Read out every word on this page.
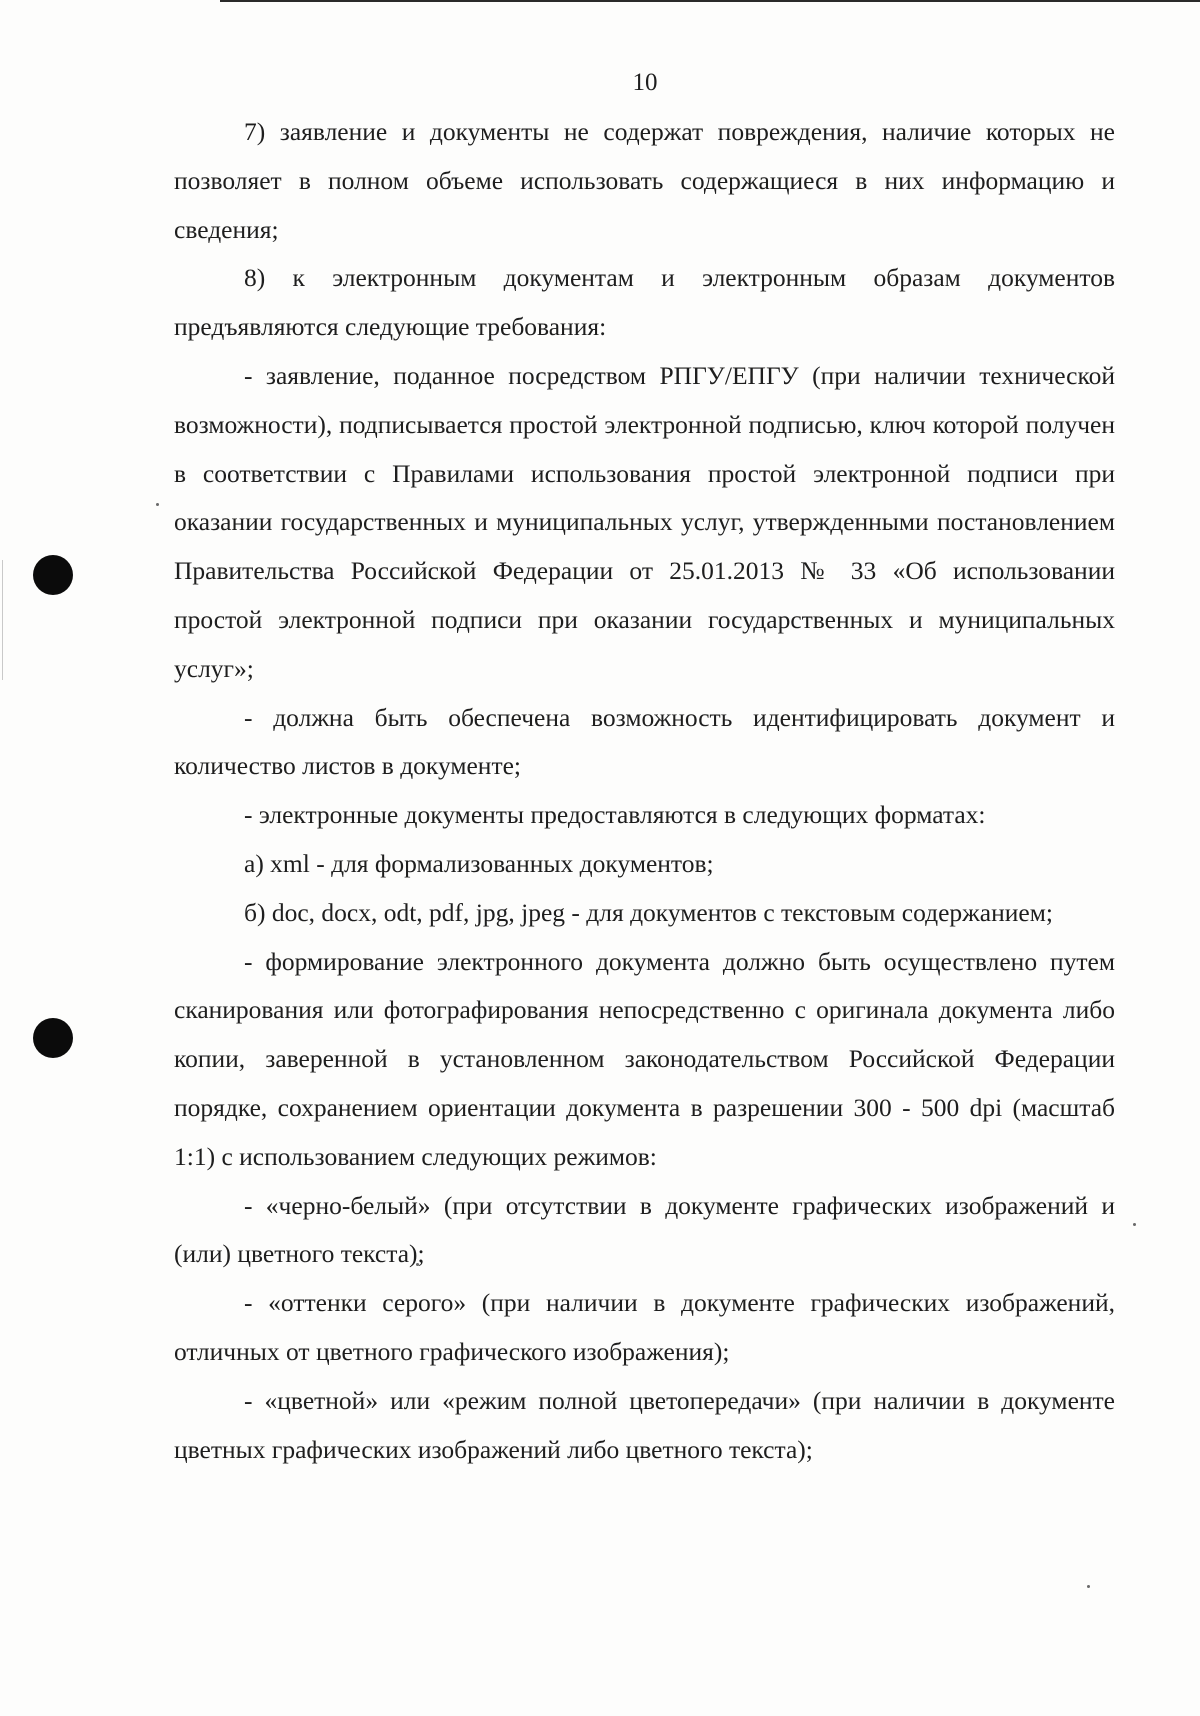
10

7) заявление и документы не содержат повреждения, наличие которых не позволяет в полном объеме использовать содержащиеся в них информацию и сведения;

8) к электронным документам и электронным образам документов предъявляются следующие требования:

- заявление, поданное посредством РПГУ/ЕПГУ (при наличии технической возможности), подписывается простой электронной подписью, ключ которой получен в соответствии с Правилами использования простой электронной подписи при оказании государственных и муниципальных услуг, утвержденными постановлением Правительства Российской Федерации от 25.01.2013 № 33 «Об использовании простой электронной подписи при оказании государственных и муниципальных услуг»;

- должна быть обеспечена возможность идентифицировать документ и количество листов в документе;

- электронные документы предоставляются в следующих форматах:

а) xml - для формализованных документов;

б) doc, docx, odt, pdf, jpg, jpeg - для документов с текстовым содержанием;

- формирование электронного документа должно быть осуществлено путем сканирования или фотографирования непосредственно с оригинала документа либо копии, заверенной в установленном законодательством Российской Федерации порядке, сохранением ориентации документа в разрешении 300 - 500 dpi (масштаб 1:1) с использованием следующих режимов:

- «черно-белый» (при отсутствии в документе графических изображений и (или) цветного текста);

- «оттенки серого» (при наличии в документе графических изображений, отличных от цветного графического изображения);

- «цветной» или «режим полной цветопередачи» (при наличии в документе цветных графических изображений либо цветного текста);
